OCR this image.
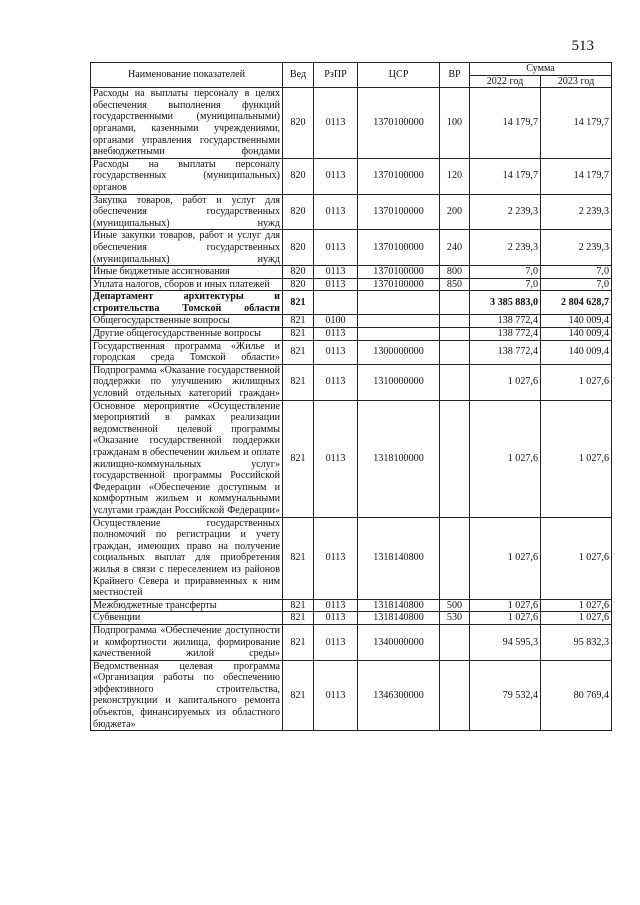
513
Наименование показателей	Вед	РзПР	ЦСР	ВР	Сумма	
					2022 год	2023 год
Расходы на выплаты персоналу в целях обеспечения выполнения функций государственными (муниципальными) органами, казенными учреждениями, органами управления государственными внебюджетными фондами	820	0113	1370100000	100	14 179,7	14 179,7
Расходы на выплаты персоналу государственных (муниципальных) органов	820	0113	1370100000	120	14 179,7	14 179,7
Закупка товаров, работ и услуг для обеспечения государственных (муниципальных) нужд	820	0113	1370100000	200	2 239,3	2 239,3
Иные закупки товаров, работ и услуг для обеспечения государственных (муниципальных) нужд	820	0113	1370100000	240	2 239,3	2 239,3
Иные бюджетные ассигнования	820	0113	1370100000	800	7,0	7,0
Уплата налогов, сборов и иных платежей	820	0113	1370100000	850	7,0	7,0
Департамент архитектуры и строительства Томской области	821				3 385 883,0	2 804 628,7
Общегосударственные вопросы	821	0100			138 772,4	140 009,4
Другие общегосударственные вопросы	821	0113			138 772,4	140 009,4
Государственная программа «Жилье и городская среда Томской области»	821	0113	1300000000		138 772,4	140 009,4
Подпрограмма «Оказание государственной поддержки по улучшению жилищных условий отдельных категорий граждан»	821	0113	1310000000		1 027,6	1 027,6
Основное мероприятие «Осуществление мероприятий в рамках реализации ведомственной целевой программы «Оказание государственной поддержки гражданам в обеспечении жильем и оплате жилищно-коммунальных услуг» государственной программы Российской Федерации «Обеспечение доступным и комфортным жильем и коммунальными услугами граждан Российской Федерации»	821	0113	1318100000		1 027,6	1 027,6
Осуществление государственных полномочий по регистрации и учету граждан, имеющих право на получение социальных выплат для приобретения жилья в связи с переселением из районов Крайнего Севера и приравненных к ним местностей	821	0113	1318140800		1 027,6	1 027,6
Межбюджетные трансферты	821	0113	1318140800	500	1 027,6	1 027,6
Субвенции	821	0113	1318140800	530	1 027,6	1 027,6
Подпрограмма «Обеспечение доступности и комфортности жилища, формирование качественной жилой среды»	821	0113	1340000000		94 595,3	95 832,3
Ведомственная целевая программа «Организация работы по обеспечению эффективного строительства, реконструкции и капитального ремонта объектов, финансируемых из областного бюджета»	821	0113	1346300000		79 532,4	80 769,4
